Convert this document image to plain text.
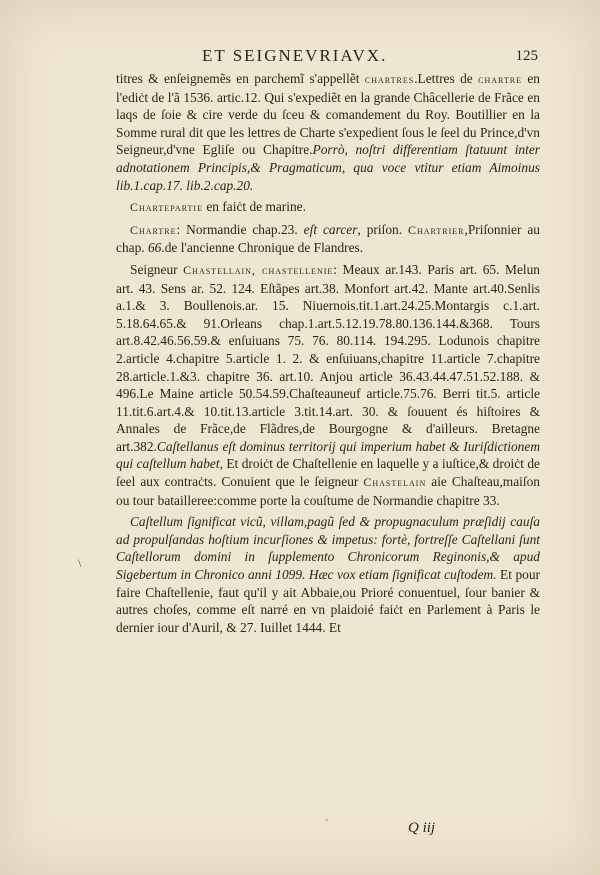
ET SEIGNEVRIAVX.	125

titres & enſeignemẽs en parchemĩ s'appellẽt chartres.Lettres de chartre en l'ediċt de l'ã 1536. artic.12. Qui s'expediẽt en la grande Châcellerie de Frãce en laqs de ſoie & cire verde du ſceu & comandement du Roy. Boutillier en la Somme rural dit que les lettres de Charte s'expedient ſous le ſeel du Prince,d'vn Seigneur,d'vne Egliſe ou Chapitre.Porrò, noſtri differentiam ſtatuunt inter adnotationem Principis,& Pragmaticum, qua voce vtitur etiam Aimoinus lib.1.cap.17. lib.2.cap.20.

Chartepartie en faiċt de marine.

Chartre: Normandie chap.23. eſt carcer, priſon. Chartrier,Priſonnier au chap. 66.de l'ancienne Chronique de Flandres.

Seigneur Chastellain, chastellenie: Meaux ar.143. Paris art. 65. Melun art. 43. Sens ar. 52. 124. Eſtãpes art.38. Monfort art.42. Mante art.40.Senlis a.1.& 3. Boullenois.ar. 15. Niuernois.tit.1.art.24.25.Montargis c.1.art. 5.18.64.65.& 91.Orleans chap.1.art.5.12.19.78.80.136.144.&368. Tours art.8.42.46.56.59.& enſuiuans 75. 76. 80.114. 194.295. Lodunois chapitre 2.article 4.chapitre 5.article 1. 2. & enſuiuans,chapitre 11.article 7.chapitre 28.article.1.&3. chapitre 36. art.10. Anjou article 36.43.44.47.51.52.188. & 496.Le Maine article 50.54.59.Chaſteauneuf article.75.76. Berri tit.5. article 11.tit.6.art.4.& 10.tit.13.article 3.tit.14.art. 30. & ſouuent és hiſtoires & Annales de Frãce,de Flãdres,de Bourgogne & d'ailleurs. Bretagne art.382.Caſtellanus eſt dominus territorij qui imperium habet & Iuriſdictionem qui caſtellum habet, Et droiċt de Chaſtellenie en laquelle y a iuſtice,& droiċt de ſeel aux contraċts. Conuient que le ſeigneur Chastelain aie Chaſteau,maiſon ou tour batailleree:comme porte la couſtume de Normandie chapitre 33.

Caſtellum ſignificat vicũ, villam,pagũ ſed & propugnaculum præſidij cauſa ad propulſandas hoſtium incurſiones & impetus: fortè, fortreſſe Caſtellani ſunt Caſtellorum domini in ſupplemento Chronicorum Reginonis,& apud Sigebertum in Chronico anni 1099. Hæc vox etiam ſignificat cuſtodem. Et pour faire Chaſtellenie, faut qu'il y ait Abbaie,ou Prioré conuentuel, ſour banier & autres choſes, comme eſt narré en vn plaidoié faiċt en Parlement à Paris le dernier iour d'Auril, & 27. Iuillet 1444. Et

\
'	Q iij
